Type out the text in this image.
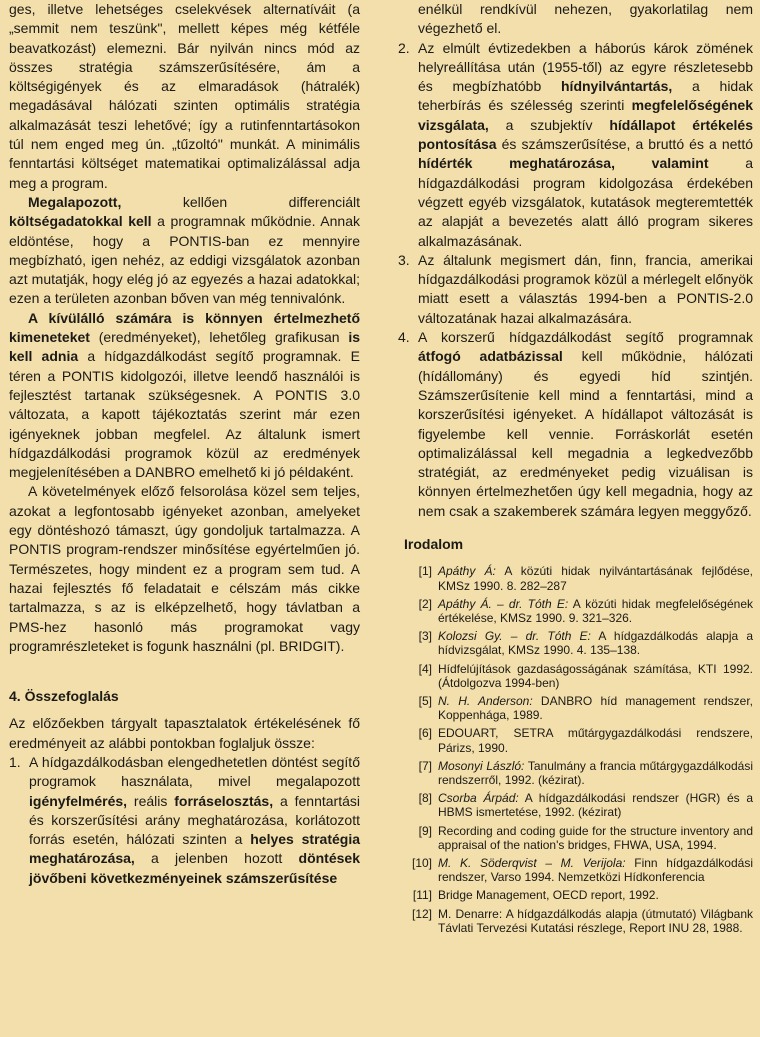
ges, illetve lehetséges cselekvések alternatíváit (a „semmit nem teszünk", mellett képes még kétféle beavatkozást) elemezni. Bár nyilván nincs mód az összes stratégia számszerűsítésére, ám a költségigények és az elmaradások (hátralék) megadásával hálózati szinten optimális stratégia alkalmazását teszi lehetővé; így a rutinfenntartásokon túl nem enged meg ún. „tűzoltó" munkát. A minimális fenntartási költséget matematikai optimalizálással adja meg a program.

Megalapozott, kellően differenciált költségadatokkal kell a programnak működnie. Annak eldöntése, hogy a PONTIS-ban ez mennyire megbízható, igen nehéz, az eddigi vizsgálatok azonban azt mutatják, hogy elég jó az egyezés a hazai adatokkal; ezen a területen azonban bőven van még tennivalónk.

A kívülálló számára is könnyen értelmezhető kimeneteket (eredményeket), lehetőleg grafikusan is kell adnia a hídgazdálkodást segítő programnak. E téren a PONTIS kidolgozói, illetve leendő használói is fejlesztést tartanak szükségesnek. A PONTIS 3.0 változata, a kapott tájékoztatás szerint már ezen igényeknek jobban megfelel. Az általunk ismert hídgazdálkodási programok közül az eredmények megjelenítésében a DANBRO emelhető ki jó példaként.

A követelmények előző felsorolása közel sem teljes, azokat a legfontosabb igényeket azonban, amelyeket egy döntéshozó támaszt, úgy gondoljuk tartalmazza. A PONTIS program-rendszer minősítése egyértelműen jó. Természetes, hogy mindent ez a program sem tud. A hazai fejlesztés fő feladatait e célszám más cikke tartalmazza, s az is elképzelhető, hogy távlatban a PMS-hez hasonló más programokat vagy programrészleteket is fogunk használni (pl. BRIDGIT).

4. Összefoglalás

Az előzőekben tárgyalt tapasztalatok értékelésének fő eredményeit az alábbi pontokban foglaljuk össze:

1. A hídgazdálkodásban elengedhetetlen döntést segítő programok használata, mivel megalapozott igényfelmérés, reális forráselosztás, a fenntartási és korszerűsítési arány meghatározása, korlátozott forrás esetén, hálózati szinten a helyes stratégia meghatározása, a jelenben hozott döntések jövőbeni következményeinek számszerűsítése

enélkül rendkívül nehezen, gyakorlatilag nem végezhető el.

2. Az elmúlt évtizedekben a háborús károk zömének helyreállítása után (1955-től) az egyre részletesebb és megbízhatóbb hídnyilvántartás, a hidak teherbírás és szélesség szerinti megfelelőségének vizsgálata, a szubjektív hídállapot értékelés pontosítása és számszerűsítése, a bruttó és a nettó hídérték meghatározása, valamint a hídgazdálkodási program kidolgozása érdekében végzett egyéb vizsgálatok, kutatások megteremtették az alapját a bevezetés alatt álló program sikeres alkalmazásának.
3. Az általunk megismert dán, finn, francia, amerikai hídgazdálkodási programok közül a mérlegelt előnyök miatt esett a választás 1994-ben a PONTIS-2.0 változatának hazai alkalmazására.
4. A korszerű hídgazdálkodást segítő programnak átfogó adatbázissal kell működnie, hálózati (hídállomány) és egyedi híd szintjén. Számszerűsítenie kell mind a fenntartási, mind a korszerűsítési igényeket. A hídállapot változását is figyelembe kell vennie. Forráskorlát esetén optimalizálással kell megadnia a legkedvezőbb stratégiát, az eredményeket pedig vizuálisan is könnyen értelmezhetően úgy kell megadnia, hogy az nem csak a szakemberek számára legyen meggyőző.
Irodalom
[1] Apáthy Á: A közúti hidak nyilvántartásának fejlődése, KMSz 1990. 8. 282–287
[2] Apáthy Á. – dr. Tóth E: A közúti hidak megfelelőségének értékelése, KMSz 1990. 9. 321–326.
[3] Kolozsi Gy. – dr. Tóth E: A hídgazdálkodás alapja a hídvizsgálat, KMSz 1990. 4. 135–138.
[4] Hídfelújítások gazdaságosságának számítása, KTI 1992. (Átdolgozva 1994-ben)
[5] N. H. Anderson: DANBRO híd management rendszer, Koppenhága, 1989.
[6] EDOUART, SETRA műtárgygazdálkodási rendszere, Párizs, 1990.
[7] Mosonyi László: Tanulmány a francia műtárgygazdálkodási rendszerről, 1992. (kézirat).
[8] Csorba Árpád: A hídgazdálkodási rendszer (HGR) és a HBMS ismertetése, 1992. (kézirat)
[9] Recording and coding guide for the structure inventory and appraisal of the nation's bridges, FHWA, USA, 1994.
[10] M. K. Söderqvist – M. Verijola: Finn hídgazdálkodási rendszer, Varso 1994. Nemzetközi Hídkonferencia
[11] Bridge Management, OECD report, 1992.
[12] M. Denarre: A hídgazdálkodás alapja (útmutató) Világbank Távlati Tervezési Kutatási részlege, Report INU 28, 1988.
